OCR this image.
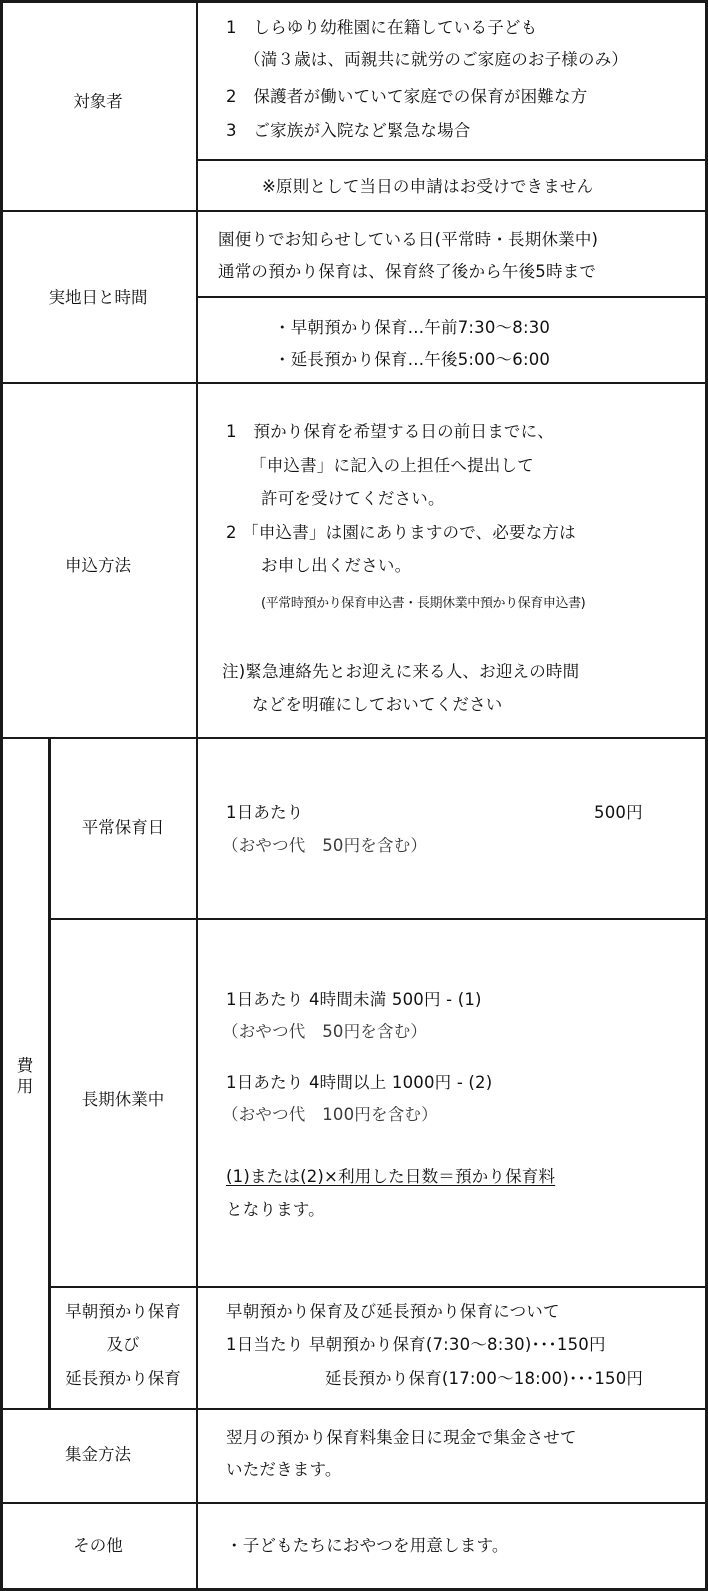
対象者
1　しらゆり幼稚園に在籍している子ども
（満３歳は、両親共に就労のご家庭のお子様のみ）
2　保護者が働いていて家庭での保育が困難な方
3　ご家族が入院など緊急な場合
※原則として当日の申請はお受けできません
実地日と時間
園便りでお知らせしている日(平常時・長期休業中)
通常の預かり保育は、保育終了後から午後5時まで
・早朝預かり保育…午前7:30〜8:30
・延長預かり保育…午後5:00〜6:00
申込方法
1　預かり保育を希望する日の前日までに、
「申込書」に記入の上担任へ提出して
許可を受けてください。
2 「申込書」は園にありますので、必要な方は
お申し出ください。
(平常時預かり保育申込書・長期休業中預かり保育申込書)
注)緊急連絡先とお迎えに来る人、お迎えの時間
などを明確にしておいてください
費用
平常保育日
1日あたり	500円
（おやつ代　50円を含む）
長期休業中
1日あたり 4時間未満 500円 - (1)
（おやつ代　50円を含む）
1日あたり 4時間以上 1000円 - (2)
（おやつ代　100円を含む）
(1)または(2)×利用した日数＝預かり保育料
となります。
早朝預かり保育
及び
延長預かり保育
早朝預かり保育及び延長預かり保育について
1日当たり 早朝預かり保育(7:30〜8:30)･･･150円
延長預かり保育(17:00〜18:00)･･･150円
集金方法
翌月の預かり保育料集金日に現金で集金させて
いただきます。
その他	・子どもたちにおやつを用意します。
